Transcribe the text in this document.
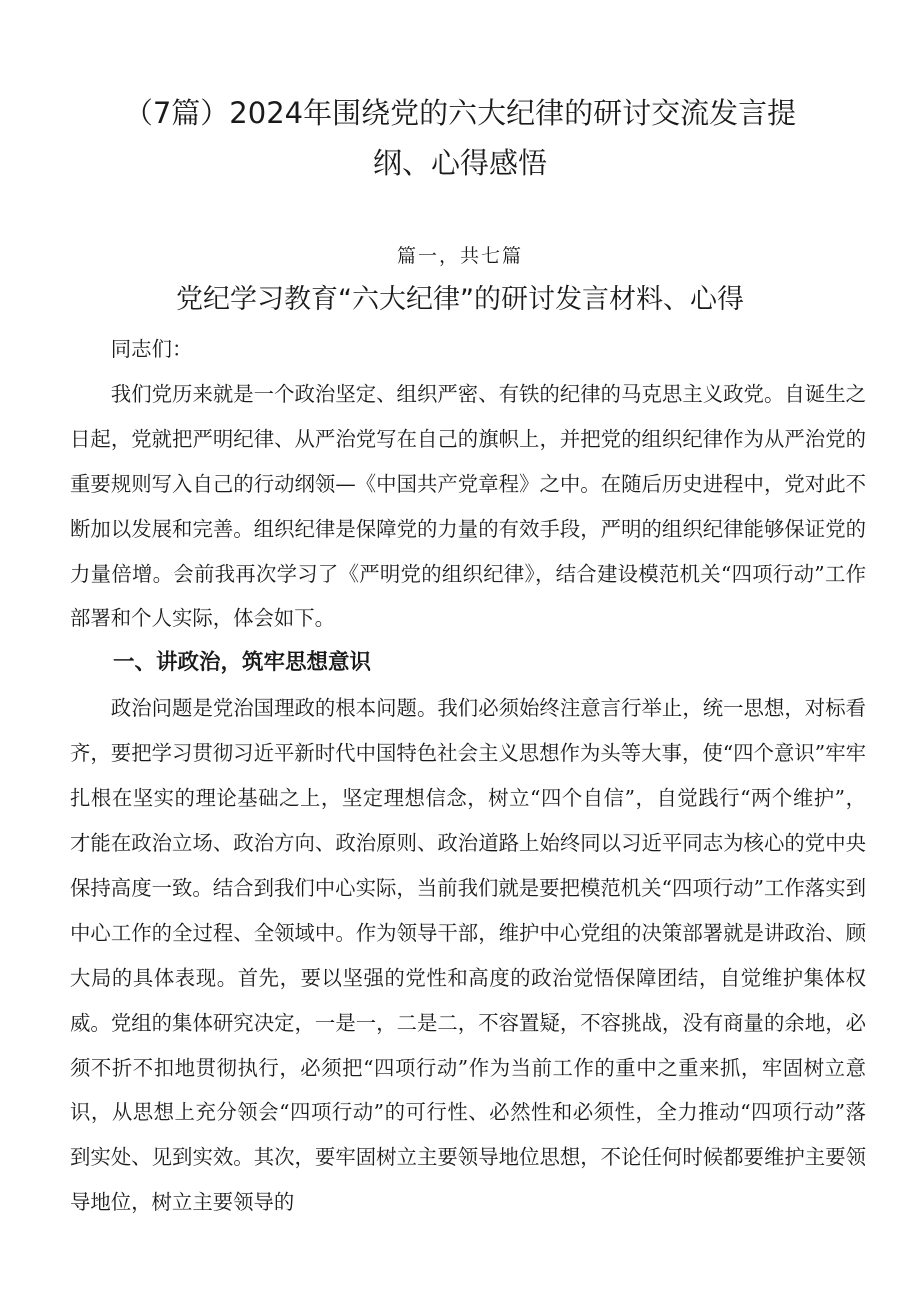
（7篇）2024年围绕党的六大纪律的研讨交流发言提
纲、心得感悟
篇一，共七篇
党纪学习教育“六大纪律”的研讨发言材料、心得

同志们：

我们党历来就是一个政治坚定、组织严密、有铁的纪律的马克思主义政党。自诞生之日起，党就把严明纪律、从严治党写在自己的旗帜上，并把党的组织纪律作为从严治党的重要规则写入自己的行动纲领—《中国共产党章程》之中。在随后历史进程中，党对此不断加以发展和完善。组织纪律是保障党的力量的有效手段，严明的组织纪律能够保证党的力量倍增。会前我再次学习了《严明党的组织纪律》，结合建设模范机关“四项行动”工作部署和个人实际，体会如下。

一、讲政治，筑牢思想意识

政治问题是党治国理政的根本问题。我们必须始终注意言行举止，统一思想，对标看齐，要把学习贯彻习近平新时代中国特色社会主义思想作为头等大事，使“四个意识”牢牢扎根在坚实的理论基础之上，坚定理想信念，树立“四个自信”，自觉践行“两个维护”，才能在政治立场、政治方向、政治原则、政治道路上始终同以习近平同志为核心的党中央保持高度一致。结合到我们中心实际，当前我们就是要把模范机关“四项行动”工作落实到中心工作的全过程、全领域中。作为领导干部，维护中心党组的决策部署就是讲政治、顾大局的具体表现。首先，要以坚强的党性和高度的政治觉悟保障团结，自觉维护集体权威。党组的集体研究决定，一是一，二是二，不容置疑，不容挑战，没有商量的余地，必须不折不扣地贯彻执行，必须把“四项行动”作为当前工作的重中之重来抓，牢固树立意识，从思想上充分领会“四项行动”的可行性、必然性和必须性，全力推动“四项行动”落到实处、见到实效。其次，要牢固树立主要领导地位思想，不论任何时候都要维护主要领导地位，树立主要领导的
